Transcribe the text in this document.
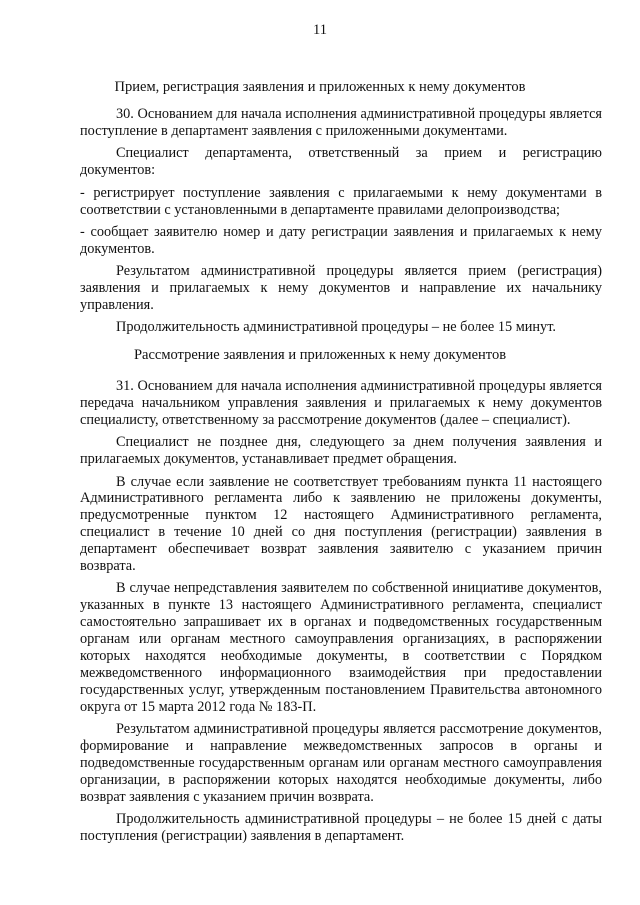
11
Прием, регистрация заявления и приложенных к нему документов

30. Основанием для начала исполнения административной процедуры является поступление в департамент заявления с приложенными документами.

Специалист департамента, ответственный за прием и регистрацию документов:

- регистрирует поступление заявления с прилагаемыми к нему документами в соответствии с установленными в департаменте правилами делопроизводства;

- сообщает заявителю номер и дату регистрации заявления и прилагаемых к нему документов.

Результатом административной процедуры является прием (регистрация) заявления и прилагаемых к нему документов и направление их начальнику управления.

Продолжительность административной процедуры – не более 15 минут.

Рассмотрение заявления и приложенных к нему документов

31. Основанием для начала исполнения административной процедуры является передача начальником управления заявления и прилагаемых к нему документов специалисту, ответственному за рассмотрение документов (далее – специалист).

Специалист не позднее дня, следующего за днем получения заявления и прилагаемых документов, устанавливает предмет обращения.

В случае если заявление не соответствует требованиям пункта 11 настоящего Административного регламента либо к заявлению не приложены документы, предусмотренные пунктом 12 настоящего Административного регламента, специалист в течение 10 дней со дня поступления (регистрации) заявления в департамент обеспечивает возврат заявления заявителю с указанием причин возврата.

В случае непредставления заявителем по собственной инициативе документов, указанных в пункте 13 настоящего Административного регламента, специалист самостоятельно запрашивает их в органах и подведомственных государственным органам или органам местного самоуправления организациях, в распоряжении которых находятся необходимые документы, в соответствии с Порядком межведомственного информационного взаимодействия при предоставлении государственных услуг, утвержденным постановлением Правительства автономного округа от 15 марта 2012 года № 183-П.

Результатом административной процедуры является рассмотрение документов, формирование и направление межведомственных запросов в органы и подведомственные государственным органам или органам местного самоуправления организации, в распоряжении которых находятся необходимые документы, либо возврат заявления с указанием причин возврата.

Продолжительность административной процедуры – не более 15 дней с даты поступления (регистрации) заявления в департамент.
